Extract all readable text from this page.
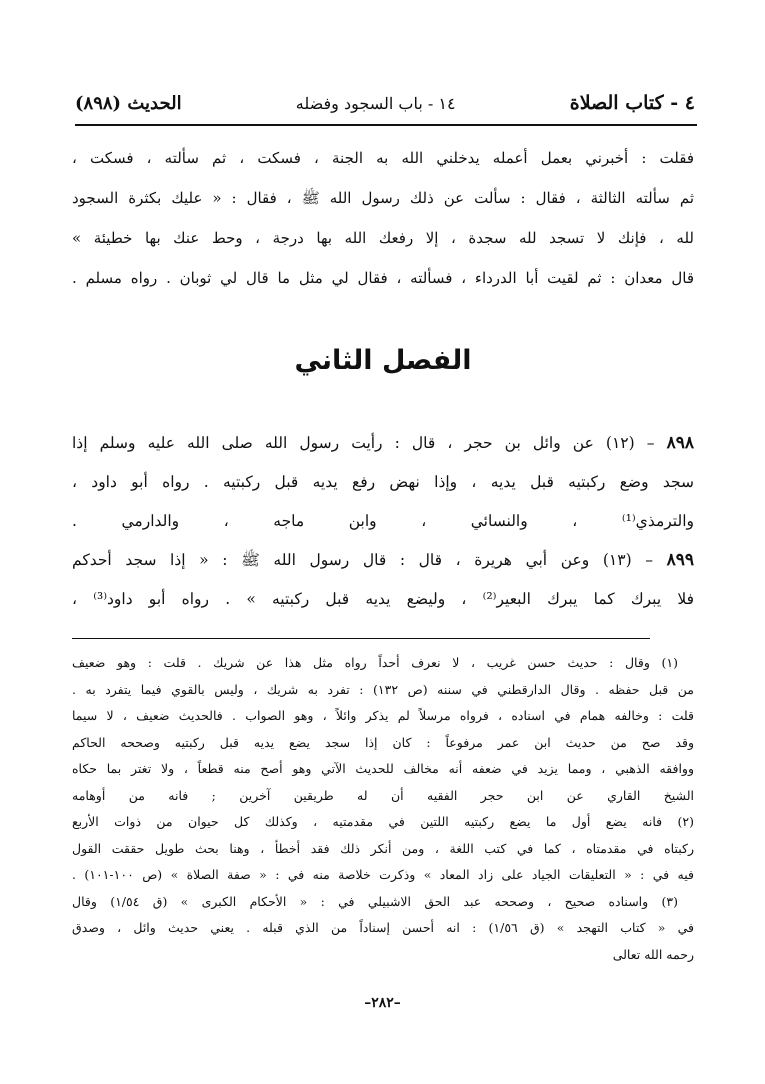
٤ - كتاب الصلاة
١٤ - باب السجود وفضله
الحديث (٨٩٨)
فقلت : أخبرني بعمل أعمله يدخلني الله به الجنة ، فسكت ، ثم سألته ، فسكت ،
ثم سألته الثالثة ، فقال : سألت عن ذلك رسول الله ﷺ ، فقال : « عليك بكثرة السجود
لله ، فإنك لا تسجد لله سجدة ، إلا رفعك الله بها درجة ، وحط عنك بها خطيئة »
قال معدان : ثم لقيت أبا الدرداء ، فسألته ، فقال لي مثل ما قال لي ثوبان . رواه مسلم .
الفصل الثاني
٨٩٨ – (١٢) عن وائل بن حجر ، قال : رأيت رسول الله صلى الله عليه وسلم إذا
سجد وضع ركبتيه قبل يديه ، وإذا نهض رفع يديه قبل ركبتيه . رواه أبو داود ،
والترمذي⁽¹⁾ ، والنسائي ، وابن ماجه ، والدارمي .
٨٩٩ – (١٣) وعن أبي هريرة ، قال : قال رسول الله ﷺ : « إذا سجد أحدكم
فلا يبرك كما يبرك البعير⁽²⁾ ، وليضع يديه قبل ركبتيه » . رواه أبو داود⁽³⁾ ،
(١) وقال : حديث حسن غريب ، لا نعرف أحداً رواه مثل هذا عن شريك . قلت : وهو ضعيف
من قبل حفظه . وقال الدارقطني في سننه (ص ١٣٢) : تفرد به شريك ، وليس بالقوي فيما يتفرد به .
قلت : وخالفه همام في اسناده ، فرواه مرسلاً لم يذكر وائلاً ، وهو الصواب . فالحديث ضعيف ، لا سيما
وقد صح من حديث ابن عمر مرفوعاً : كان إذا سجد يضع يديه قبل ركبتيه وصححه الحاكم
ووافقه الذهبي ، ومما يزيد في ضعفه أنه مخالف للحديث الآتي وهو أصح منه قطعاً ، ولا تغتر بما حكاه
الشيخ القاري عن ابن حجر الفقيه أن له طريقين آخرين ; فانه من أوهامه
(٢) فانه يضع أول ما يضع ركبتيه اللتين في مقدمتيه ، وكذلك كل حيوان من ذوات الأربع
ركبتاه في مقدمتاه ، كما في كتب اللغة ، ومن أنكر ذلك فقد أخطأ ، وهنا بحث طويل حققت القول
فيه في : « التعليقات الجياد على زاد المعاد » وذكرت خلاصة منه في : « صفة الصلاة » (ص ١٠٠-١٠١) .
(٣) واسناده صحيح ، وصححه عبد الحق الاشبيلي في : « الأحكام الكبرى » (ق ١/٥٤) وقال
في « كتاب التهجد » (ق ١/٥٦) : انه أحسن إسناداً من الذي قبله . يعني حديث وائل ، وصدق
رحمه الله تعالى
–٢٨٢–
